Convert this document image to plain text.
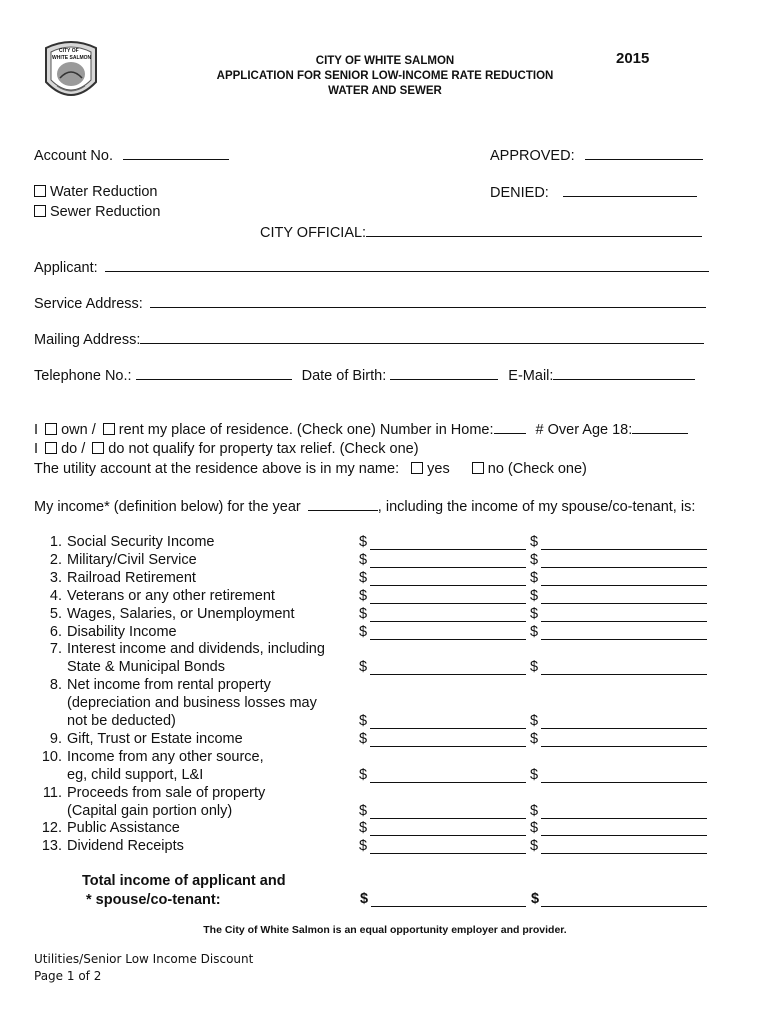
CITY OF
WHITE SALMON	CITY OF WHITE SALMON
APPLICATION FOR SENIOR LOW-INCOME RATE REDUCTION
WATER AND SEWER
2015
Account No.	APPROVED:
Water Reduction	DENIED:
Sewer Reduction
CITY OFFICIAL:
Applicant:
Service Address:
Mailing Address:
Telephone No.:	Date of Birth:	E-Mail:
I own / rent my place of residence. (Check one) Number in Home:	# Over Age 18:
I do / do not qualify for property tax relief. (Check one)
The utility account at the residence above is in my name: yes	no (Check one)
My income* (definition below) for the year	, including the income of my spouse/co-tenant, is:
1. Social Security Income	$	$
2. Military/Civil Service	$	$
3. Railroad Retirement	$	$
4. Veterans or any other retirement	$	$
5. Wages, Salaries, or Unemployment	$	$
6. Disability Income	$	$
7. Interest income and dividends, including
State & Municipal Bonds	$	$
8. Net income from rental property
(depreciation and business losses may
not be deducted)	$	$
9. Gift, Trust or Estate income	$	$
10. Income from any other source,
eg, child support, L&I	$	$
11. Proceeds from sale of property
(Capital gain portion only)	$	$
12. Public Assistance	$	$
13. Dividend Receipts	$	$
Total income of applicant and
* spouse/co-tenant:	$	$
The City of White Salmon is an equal opportunity employer and provider.
Utilities/Senior Low Income Discount
Page 1 of 2
